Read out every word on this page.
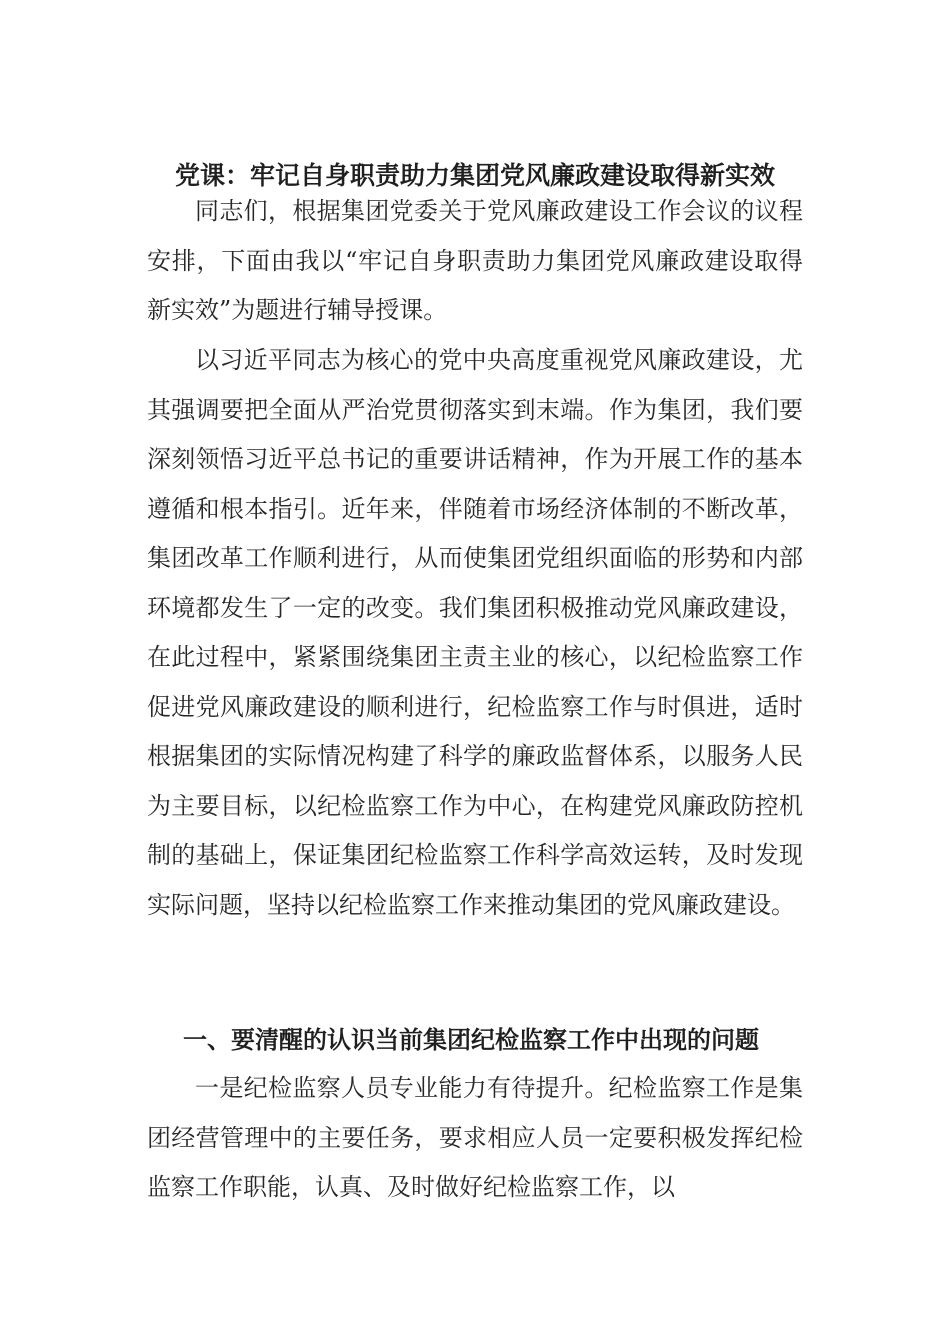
党课：牢记自身职责助力集团党风廉政建设取得新实效

同志们，根据集团党委关于党风廉政建设工作会议的议程安排，下面由我以“牢记自身职责助力集团党风廉政建设取得新实效”为题进行辅导授课。

以习近平同志为核心的党中央高度重视党风廉政建设，尤其强调要把全面从严治党贯彻落实到末端。作为集团，我们要深刻领悟习近平总书记的重要讲话精神，作为开展工作的基本遵循和根本指引。近年来，伴随着市场经济体制的不断改革，集团改革工作顺利进行，从而使集团党组织面临的形势和内部环境都发生了一定的改变。我们集团积极推动党风廉政建设，在此过程中，紧紧围绕集团主责主业的核心，以纪检监察工作促进党风廉政建设的顺利进行，纪检监察工作与时俱进，适时根据集团的实际情况构建了科学的廉政监督体系，以服务人民为主要目标，以纪检监察工作为中心，在构建党风廉政防控机制的基础上，保证集团纪检监察工作科学高效运转，及时发现实际问题，坚持以纪检监察工作来推动集团的党风廉政建设。

一、要清醒的认识当前集团纪检监察工作中出现的问题

一是纪检监察人员专业能力有待提升。纪检监察工作是集团经营管理中的主要任务，要求相应人员一定要积极发挥纪检监察工作职能，认真、及时做好纪检监察工作，以
